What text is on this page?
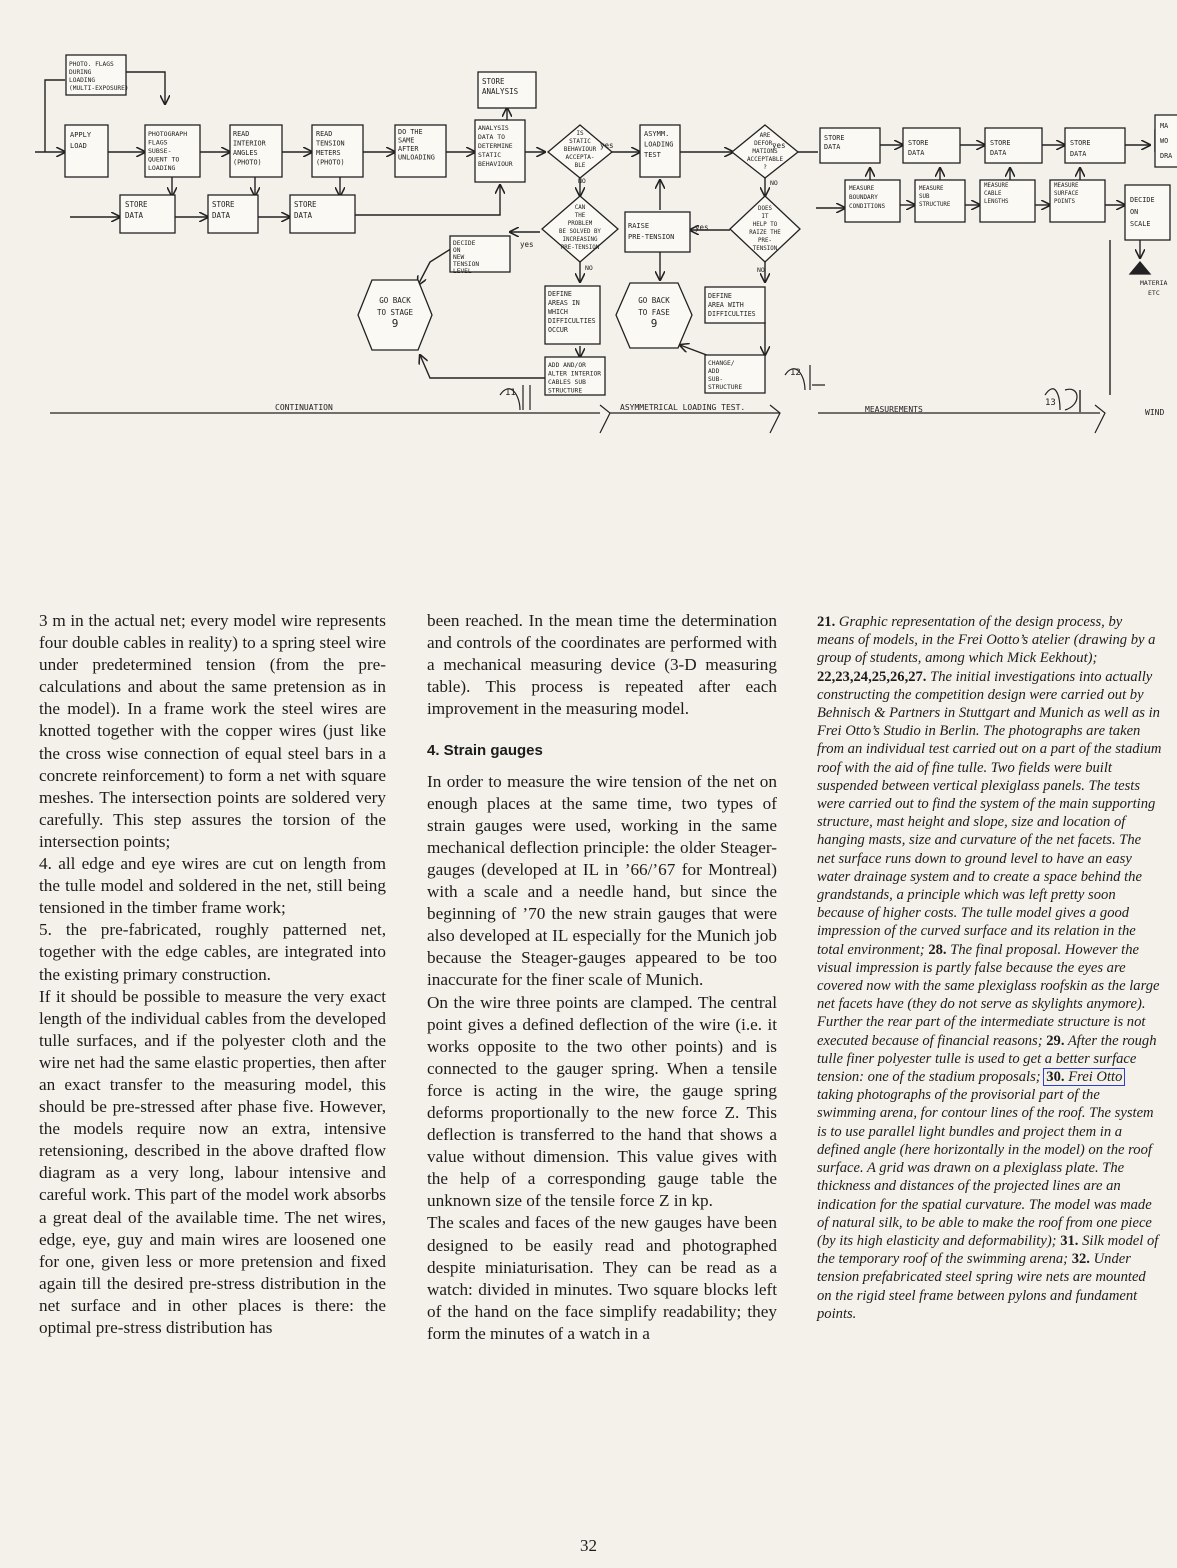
PHOTO. FLAGS
DURING
LOADING
(MULTI-EXPOSURE)
STORE
ANALYSIS
APPLY
LOAD
PHOTOGRAPH
FLAGS
SUBSE-
QUENT TO
LOADING
READ
INTERIOR
ANGLES
(PHOTO)
READ
TENSION
METERS
(PHOTO)
DO THE
SAME
AFTER
UNLOADING
ANALYSIS
DATA TO
DETERMINE
STATIC
BEHAVIOUR
ASYMM.
LOADING
TEST
STORE
DATA
STORE
DATA
STORE
DATA
DECIDE
ON
NEW
TENSION
LEVEL
RAISE
PRE-TENSION
DEFINE
AREAS IN
WHICH
DIFFICULTIES
OCCUR
DEFINE
AREA WITH
DIFFICULTIES
ADD AND/OR
ALTER INTERIOR
CABLES SUB
STRUCTURE
CHANGE/
ADD
SUB-
STRUCTURE
STORE
DATA	STORE
DATA
STORE
DATA
STORE
DATA
MEASURE
BOUNDARY
CONDITIONS
MEASURE
SUB
STRUCTURE
MEASURE
CABLE
LENGTHS
MEASURE
SURFACE
POINTS	DECIDE
ON
SCALE
MA
WO
DRA
IS
STATIC
BEHAVIOUR
ACCEPTA-
BLE
ARE
DEFOR-
MATIONS
ACCEPTABLE
?
CAN
THE
PROBLEM
BE SOLVED BY
INCREASING
PRE-TENSION
DOES
IT
HELP TO
RAIZE THE
PRE-
TENSION
GO BACK
TO STAGE
9
GO BACK
TO FASE
9
yes	yes
yes
yes
NO	NO
NO	NO
MATERIA
ETC
CONTINUATION	ASYMMETRICAL LOADING TEST.	MEASUREMENTS	WIND
11
12
13

3 m in the actual net; every model wire represents four double cables in reality) to a spring steel wire under predetermined tension (from the pre-calculations and about the same pretension as in the model). In a frame work the steel wires are knotted together with the copper wires (just like the cross wise connection of equal steel bars in a concrete reinforcement) to form a net with square meshes. The intersection points are soldered very carefully. This step assures the torsion of the intersection points;
4. all edge and eye wires are cut on length from the tulle model and soldered in the net, still being tensioned in the timber frame work;
5. the pre-fabricated, roughly patterned net, together with the edge cables, are integrated into the existing primary construction.
If it should be possible to measure the very exact length of the individual cables from the developed tulle surfaces, and if the polyester cloth and the wire net had the same elastic properties, then after an exact transfer to the measuring model, this should be pre-stressed after phase five. However, the models require now an extra, intensive retensioning, described in the above drafted flow diagram as a very long, labour intensive and careful work. This part of the model work absorbs a great deal of the available time. The net wires, edge, eye, guy and main wires are loosened one for one, given less or more pretension and fixed again till the desired pre-stress distribution in the net surface and in other places is there: the optimal pre-stress distribution has

been reached. In the mean time the determination and controls of the coordinates are performed with a mechanical measuring device (3-D measuring table). This process is repeated after each improvement in the measuring model.

4. Strain gauges

In order to measure the wire tension of the net on enough places at the same time, two types of strain gauges were used, working in the same mechanical deflection principle: the older Steager-gauges (developed at IL in ’66/’67 for Montreal) with a scale and a needle hand, but since the beginning of ’70 the new strain gauges that were also developed at IL especially for the Munich job because the Steager-gauges appeared to be too inaccurate for the finer scale of Munich.

On the wire three points are clamped. The central point gives a defined deflection of the wire (i.e. it works opposite to the two other points) and is connected to the gauger spring. When a tensile force is acting in the wire, the gauge spring deforms proportionally to the new force Z. This deflection is transferred to the hand that shows a value without dimension. This value gives with the help of a corresponding gauge table the unknown size of the tensile force Z in kp.

The scales and faces of the new gauges have been designed to be easily read and photographed despite miniaturisation. They can be read as a watch: divided in minutes. Two square blocks left of the hand on the face simplify readability; they form the minutes of a watch in a

21. Graphic representation of the design process, by means of models, in the Frei Ootto’s atelier (drawing by a group of students, among which Mick Eekhout); 22,23,24,25,26,27. The initial investigations into actually constructing the competition design were carried out by Behnisch & Partners in Stuttgart and Munich as well as in Frei Otto’s Studio in Berlin. The photographs are taken from an individual test carried out on a part of the stadium roof with the aid of fine tulle. Two fields were built suspended between vertical plexiglass panels. The tests were carried out to find the system of the main supporting structure, mast height and slope, size and location of hanging masts, size and curvature of the net facets. The net surface runs down to ground level to have an easy water drainage system and to create a space behind the grandstands, a principle which was left pretty soon because of higher costs. The tulle model gives a good impression of the curved surface and its relation in the total environment; 28. The final proposal. However the visual impression is partly false because the eyes are covered now with the same plexiglass roofskin as the large net facets have (they do not serve as skylights anymore). Further the rear part of the intermediate structure is not executed because of financial reasons; 29. After the rough tulle finer polyester tulle is used to get a better surface tension: one of the stadium proposals; 30. Frei Otto taking photographs of the provisorial part of the swimming arena, for contour lines of the roof. The system is to use parallel light bundles and project them in a defined angle (here horizontally in the model) on the roof surface. A grid was drawn on a plexiglass plate. The thickness and distances of the projected lines are an indication for the spatial curvature. The model was made of natural silk, to be able to make the roof from one piece (by its high elasticity and deformability); 31. Silk model of the temporary roof of the swimming arena; 32. Under tension prefabricated steel spring wire nets are mounted on the rigid steel frame between pylons and fundament points.
32
